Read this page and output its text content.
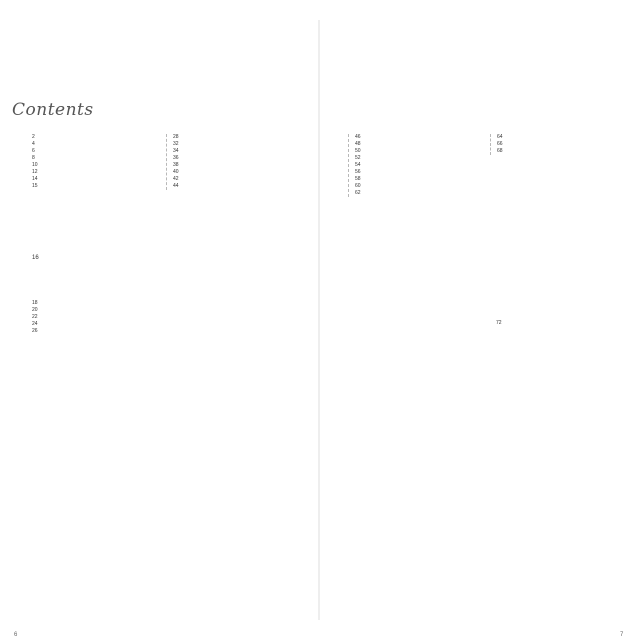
Contents
2
4
6
8
10
12
14
15
16
18
20
22
24
26
28
32
34
36
38
40
42
44
46
48
50
52
54
56
58
60
62
64
66
68
72
6	7
